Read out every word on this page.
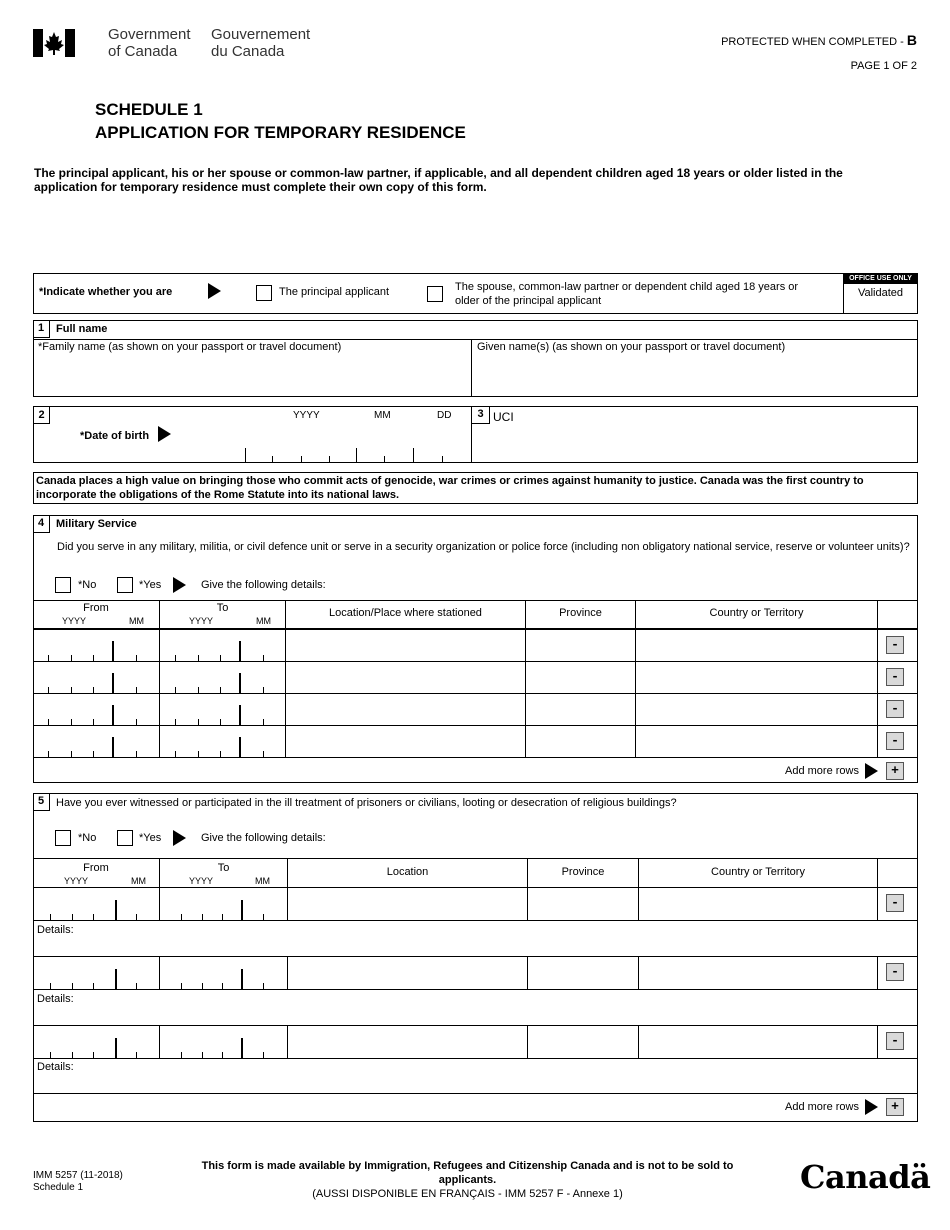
Government
of Canada
Gouvernement
du Canada
PROTECTED WHEN COMPLETED - B
PAGE 1 OF 2
SCHEDULE 1
APPLICATION FOR TEMPORARY RESIDENCE
The principal applicant, his or her spouse or common-law partner, if applicable, and all dependent children aged 18 years or older listed in the application for temporary residence must complete their own copy of this form.
*Indicate whether you are	The principal applicant	The spouse, common-law partner or dependent child aged 18 years or
older of the principal applicant
OFFICE USE ONLY
Validated
1	Full name
*Family name (as shown on your passport or travel document)	Given name(s) (as shown on your passport or travel document)
2
*Date of birth
YYYY	MM	DD	3 UCI
Canada places a high value on bringing those who commit acts of genocide, war crimes or crimes against humanity to justice. Canada was the first country to incorporate the obligations of the Rome Statute into its national laws.
4	Military Service
Did you serve in any military, militia, or civil defence unit or serve in a security organization or police force (including non obligatory national service, reserve or volunteer units)?
*No	*Yes	Give the following details:
From
YYYY	MM
To
YYYY	MM
Location/Place where stationed	Province	Country or Territory
-
-
-
-
Add more rows	+
5	Have you ever witnessed or participated in the ill treatment of prisoners or civilians, looting or desecration of religious buildings?
*No	*Yes	Give the following details:
From
YYYY	MM
To
YYYY	MM
Location	Province	Country or Territory
-
Details:
-
Details:
-
Details:
Add more rows	+
IMM 5257 (11-2018)
Schedule 1
This form is made available by Immigration, Refugees and Citizenship Canada and is not to be sold to applicants.
(AUSSI DISPONIBLE EN FRANÇAIS - IMM 5257 F - Annexe 1)	Canadä
